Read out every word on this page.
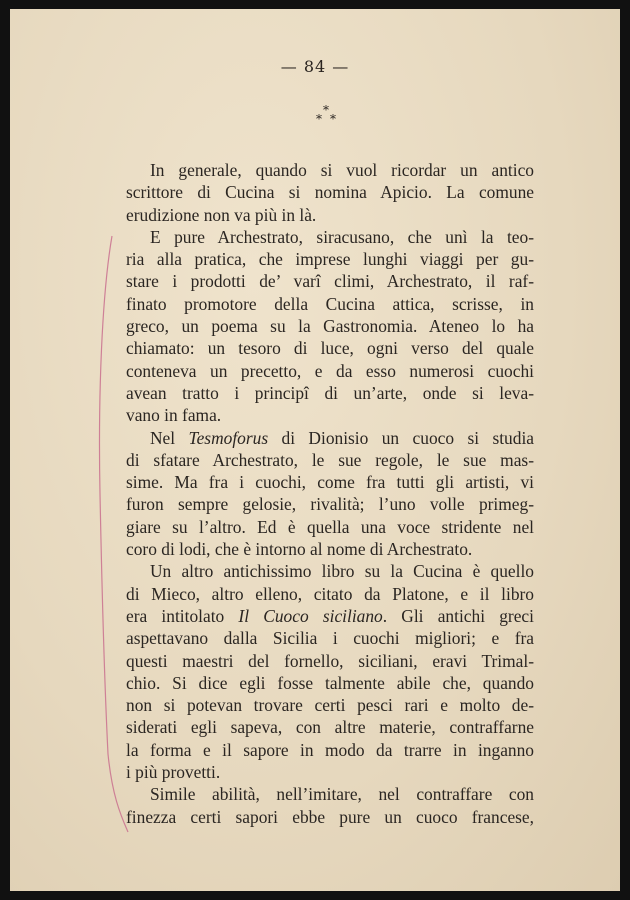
— 84 —
*
* *
In generale, quando si vuol ricordar un antico
scrittore di Cucina si nomina Apicio. La comune
erudizione non va più in là.
E pure Archestrato, siracusano, che unì la teo-
ria alla pratica, che imprese lunghi viaggi per gu-
stare i prodotti de’ varî climi, Archestrato, il raf-
finato promotore della Cucina attica, scrisse, in
greco, un poema su la Gastronomia. Ateneo lo ha
chiamato: un tesoro di luce, ogni verso del quale
conteneva un precetto, e da esso numerosi cuochi
avean tratto i principî di un’arte, onde si leva-
vano in fama.
Nel Tesmoforus di Dionisio un cuoco si studia
di sfatare Archestrato, le sue regole, le sue mas-
sime. Ma fra i cuochi, come fra tutti gli artisti, vi
furon sempre gelosie, rivalità; l’uno volle primeg-
giare su l’altro. Ed è quella una voce stridente nel
coro di lodi, che è intorno al nome di Archestrato.
Un altro antichissimo libro su la Cucina è quello
di Mieco, altro elleno, citato da Platone, e il libro
era intitolato Il Cuoco siciliano. Gli antichi greci
aspettavano dalla Sicilia i cuochi migliori; e fra
questi maestri del fornello, siciliani, eravi Trimal-
chio. Si dice egli fosse talmente abile che, quando
non si potevan trovare certi pesci rari e molto de-
siderati egli sapeva, con altre materie, contraffarne
la forma e il sapore in modo da trarre in inganno
i più provetti.
Simile abilità, nell’imitare, nel contraffare con
finezza certi sapori ebbe pure un cuoco francese,
